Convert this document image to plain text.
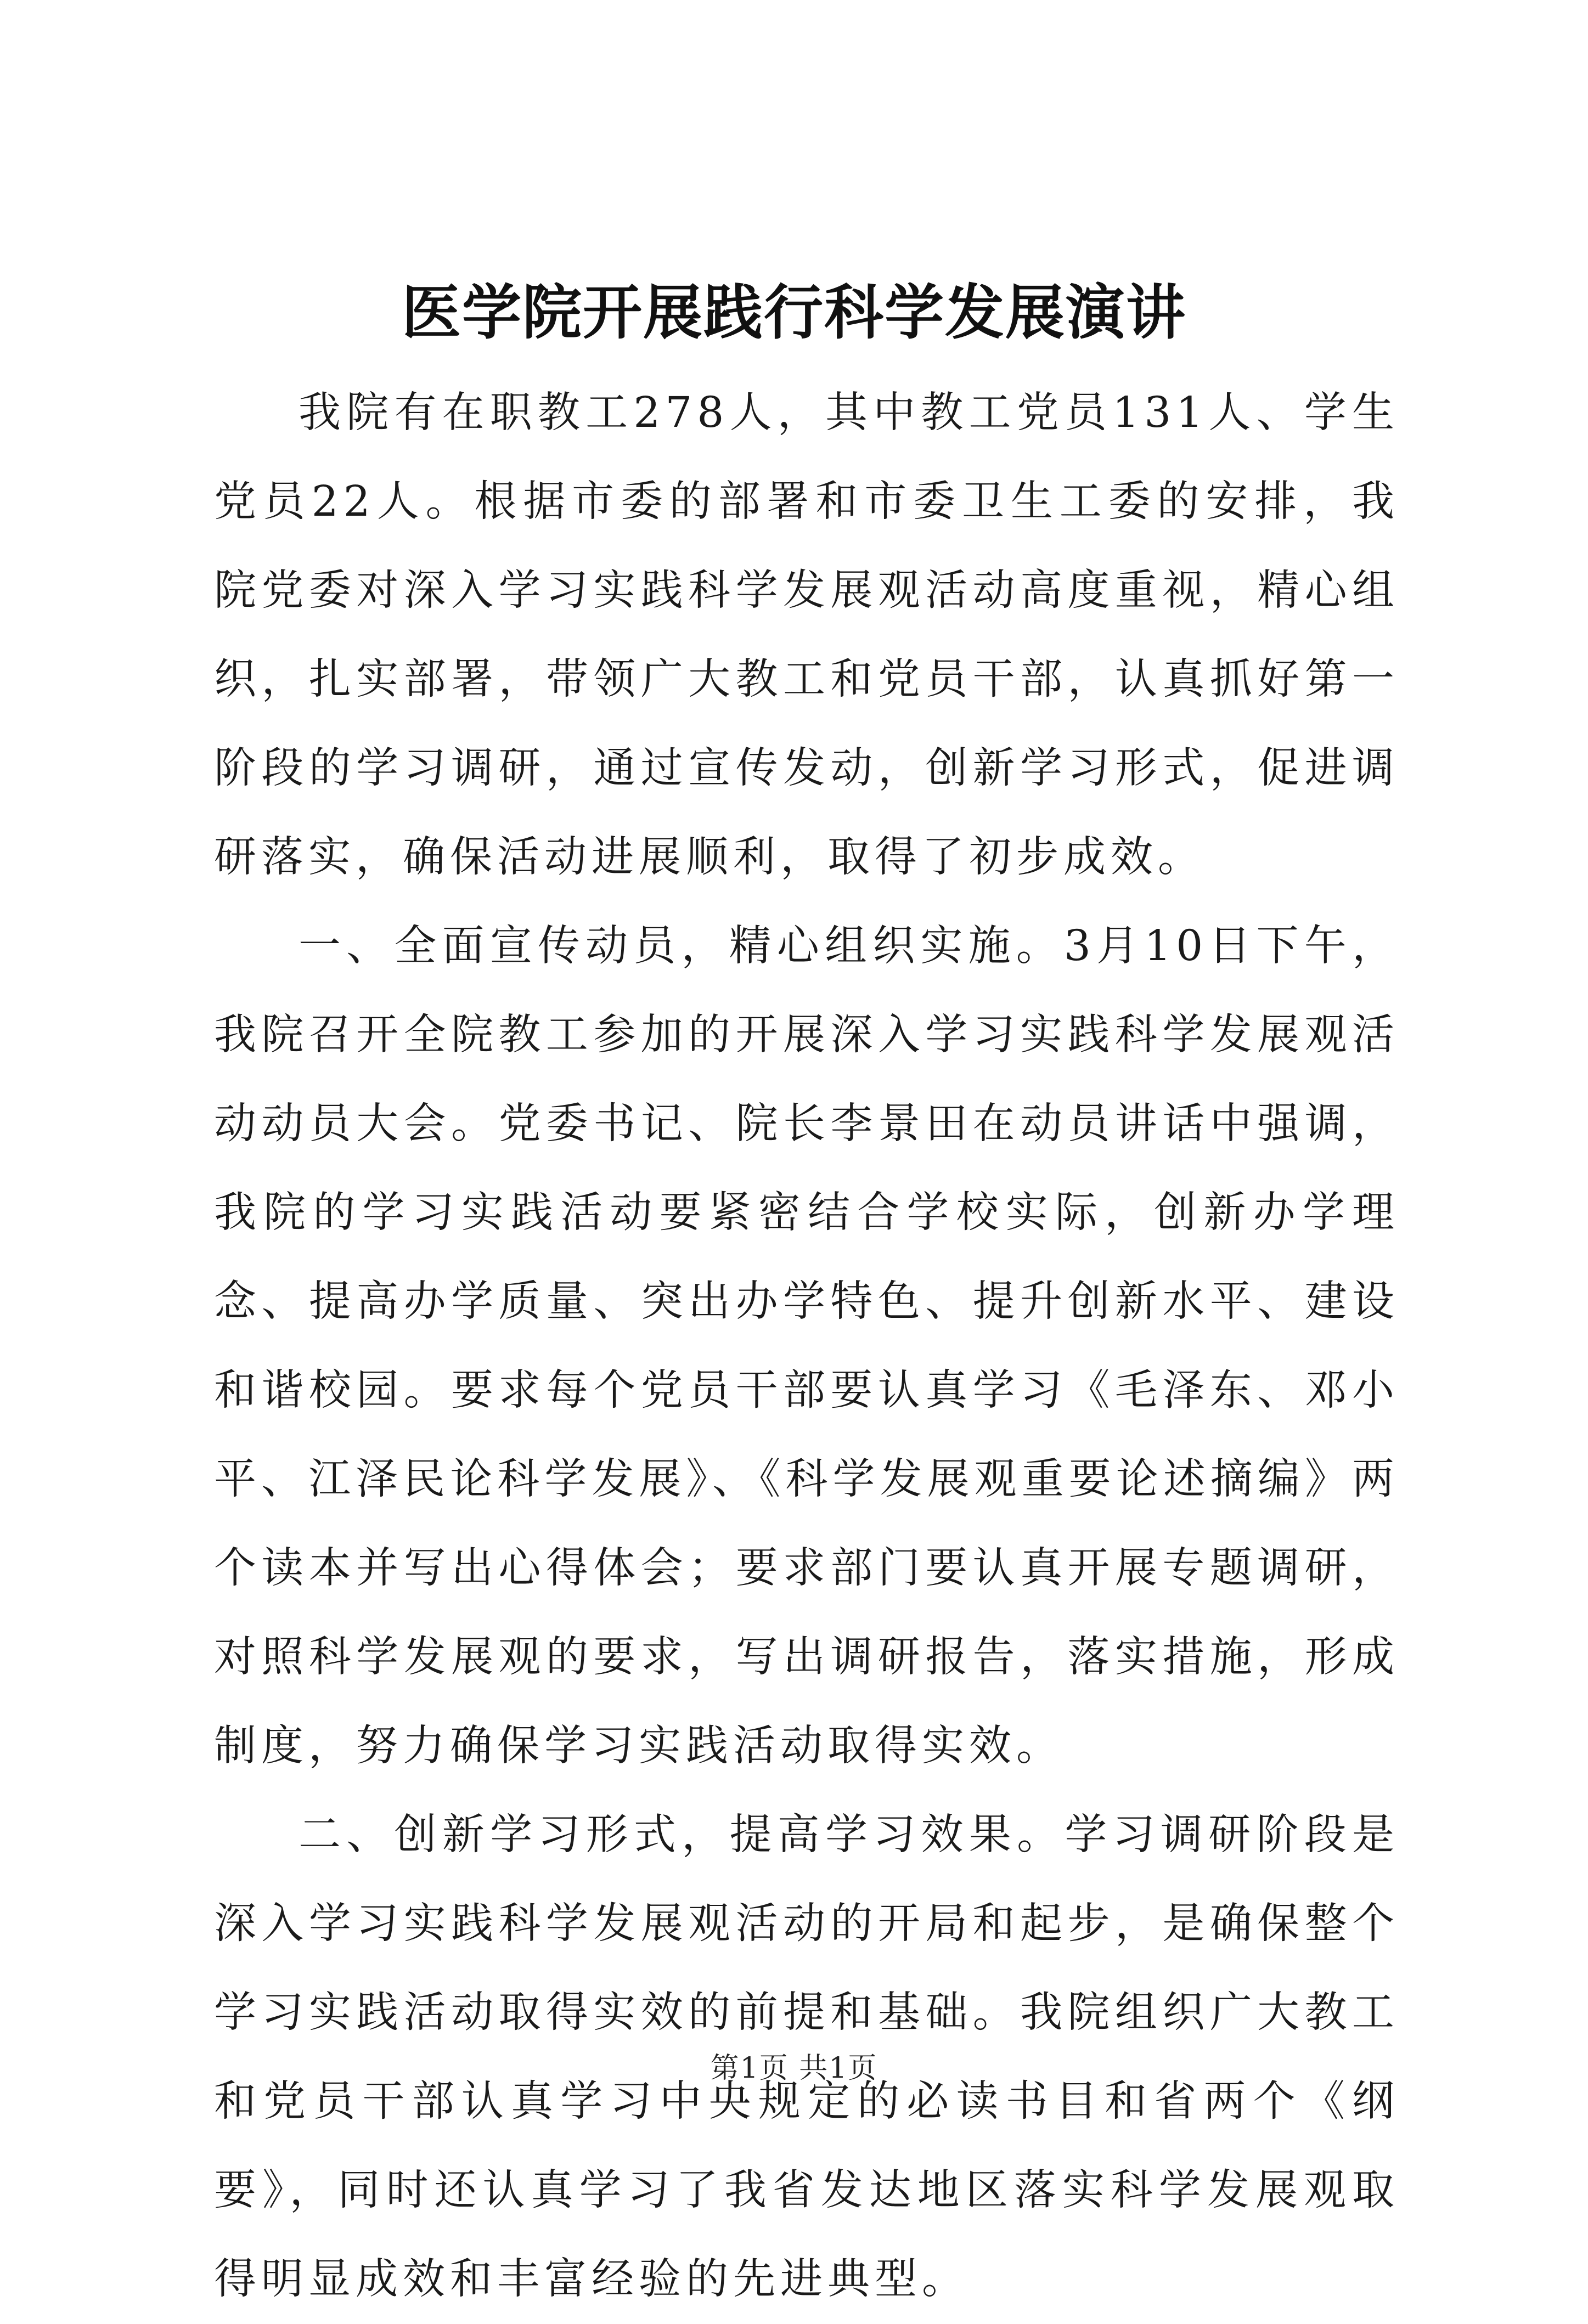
医学院开展践行科学发展演讲

我院有在职教工278人，其中教工党员131人、学生党员22人。根据市委的部署和市委卫生工委的安排，我院党委对深入学习实践科学发展观活动高度重视，精心组织，扎实部署，带领广大教工和党员干部，认真抓好第一阶段的学习调研，通过宣传发动，创新学习形式，促进调研落实，确保活动进展顺利，取得了初步成效。

一、全面宣传动员，精心组织实施。3月10日下午，我院召开全院教工参加的开展深入学习实践科学发展观活动动员大会。党委书记、院长李景田在动员讲话中强调，我院的学习实践活动要紧密结合学校实际，创新办学理念、提高办学质量、突出办学特色、提升创新水平、建设和谐校园。要求每个党员干部要认真学习《毛泽东、邓小平、江泽民论科学发展》、《科学发展观重要论述摘编》两个读本并写出心得体会；要求部门要认真开展专题调研，对照科学发展观的要求，写出调研报告，落实措施，形成制度，努力确保学习实践活动取得实效。

二、创新学习形式，提高学习效果。学习调研阶段是深入学习实践科学发展观活动的开局和起步，是确保整个学习实践活动取得实效的前提和基础。我院组织广大教工和党员干部认真学习中央规定的必读书目和省两个《纲要》，同时还认真学习了我省发达地区落实科学发展观取得明显成效和丰富经验的先进典型。

第1页 共1页
